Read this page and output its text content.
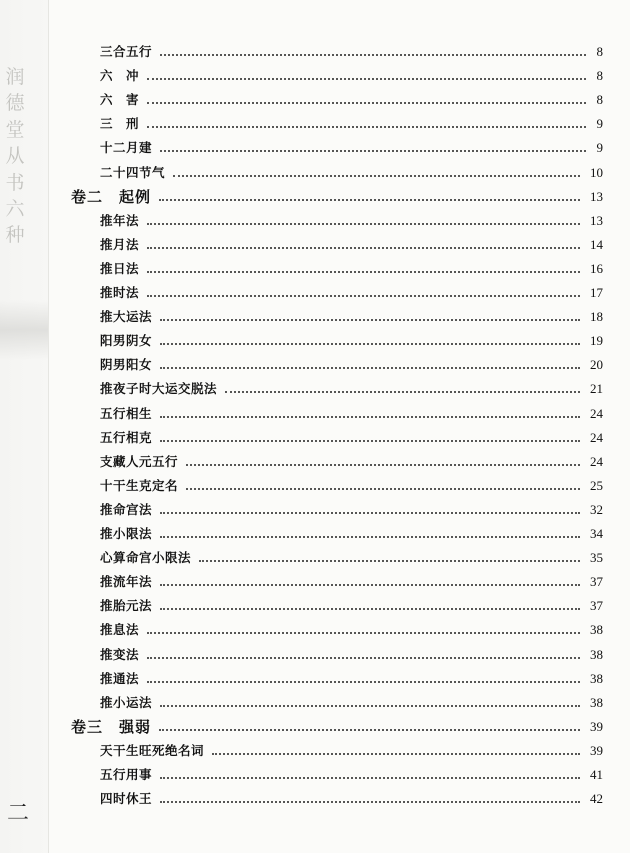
润
德
堂
从
书
六
种
二
三合五行	8
六　冲	8
六　害	8
三　刑	9
十二月建	9
二十四节气	10
卷二　起例	13
推年法	13
推月法	14
推日法	16
推时法	17
推大运法	18
阳男阴女	19
阴男阳女	20
推夜子时大运交脱法	21
五行相生	24
五行相克	24
支藏人元五行	24
十干生克定名	25
推命宫法	32
推小限法	34
心算命宫小限法	35
推流年法	37
推胎元法	37
推息法	38
推变法	38
推通法	38
推小运法	38
卷三　强弱	39
天干生旺死绝名词	39
五行用事	41
四时休王	42
